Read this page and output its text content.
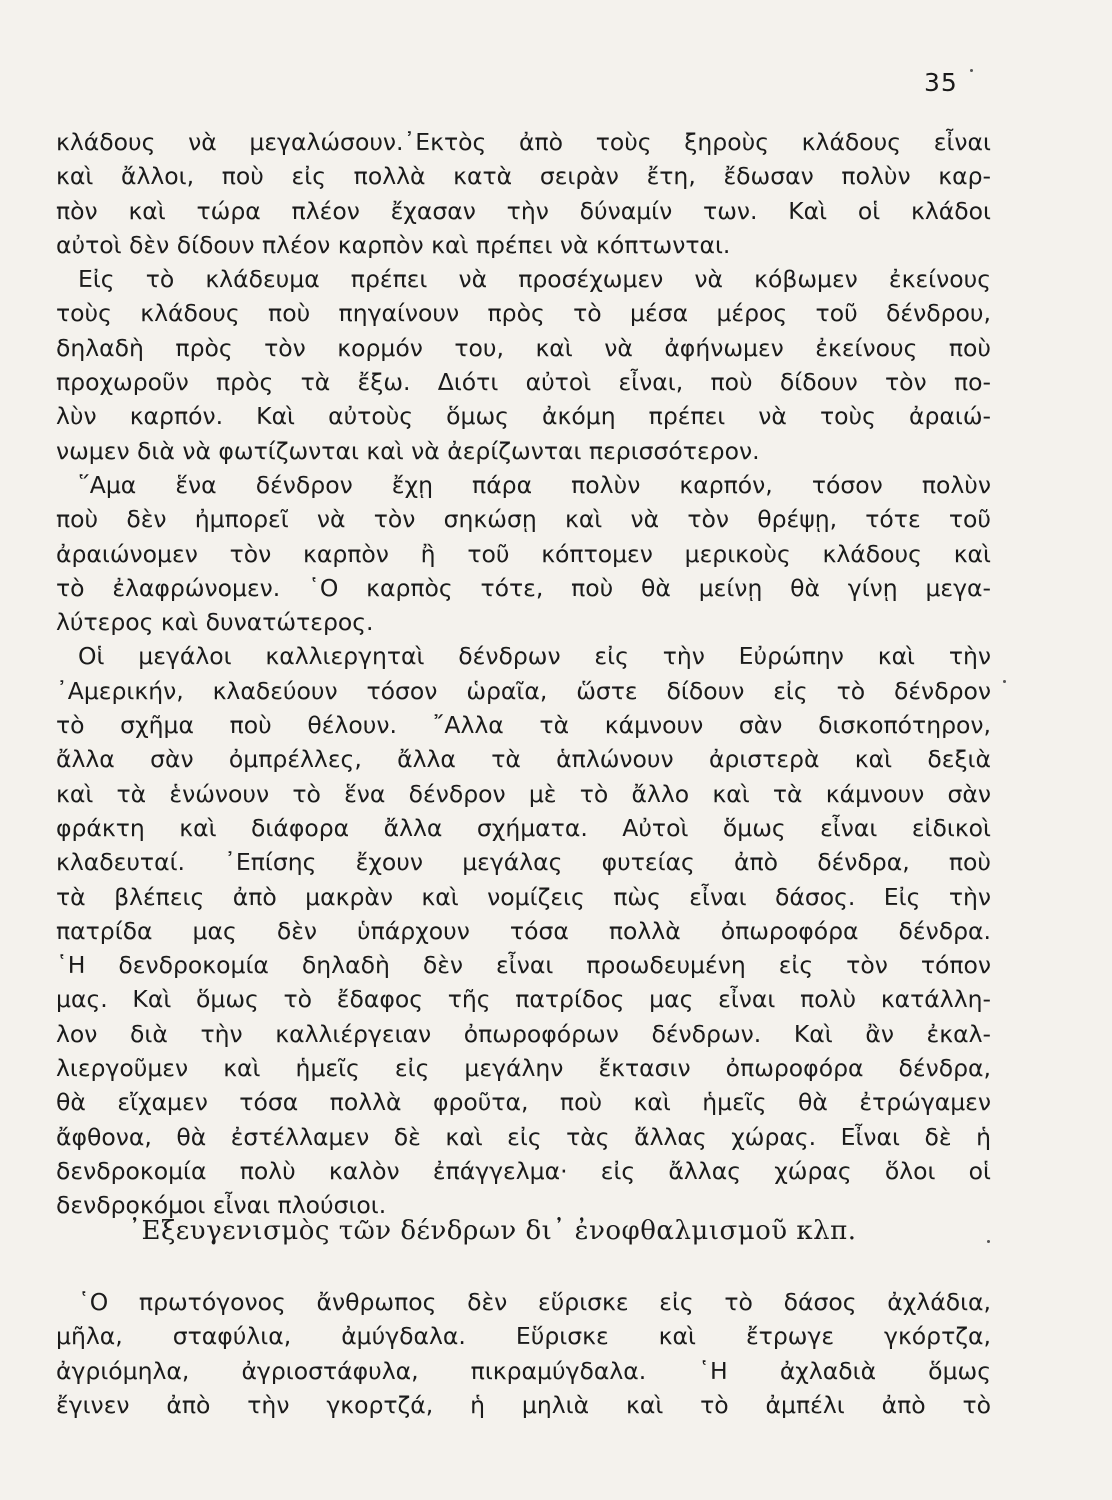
35
κλάδους νὰ μεγαλώσουν.᾿Εκτὸς ἀπὸ τοὺς ξηροὺς κλάδους εἶναι
καὶ ἄλλοι, ποὺ εἰς πολλὰ κατὰ σειρὰν ἔτη, ἔδωσαν πολὺν καρ-
πὸν καὶ τώρα πλέον ἔχασαν τὴν δύναμίν των. Καὶ οἱ κλάδοι
αὐτοὶ δὲν δίδουν πλέον καρπὸν καὶ πρέπει νὰ κόπτωνται.
Εἰς τὸ κλάδευμα πρέπει νὰ προσέχωμεν νὰ κόβωμεν ἐκείνους
τοὺς κλάδους ποὺ πηγαίνουν πρὸς τὸ μέσα μέρος τοῦ δένδρου,
δηλαδὴ πρὸς τὸν κορμόν του, καὶ νὰ ἀφήνωμεν ἐκείνους ποὺ
προχωροῦν πρὸς τὰ ἔξω. Διότι αὐτοὶ εἶναι, ποὺ δίδουν τὸν πο-
λὺν καρπόν. Καὶ αὐτοὺς ὅμως ἀκόμη πρέπει νὰ τοὺς ἀραιώ-
νωμεν διὰ νὰ φωτίζωνται καὶ νὰ ἀερίζωνται περισσότερον.
῞Αμα ἕνα δένδρον ἔχῃ πάρα πολὺν καρπόν, τόσον πολὺν
ποὺ δὲν ἠμπορεῖ νὰ τὸν σηκώσῃ καὶ νὰ τὸν θρέψῃ, τότε τοῦ
ἀραιώνομεν τὸν καρπὸν ἢ τοῦ κόπτομεν μερικοὺς κλάδους καὶ
τὸ ἐλαφρώνομεν. ῾Ο καρπὸς τότε, ποὺ θὰ μείνῃ θὰ γίνῃ μεγα-
λύτερος καὶ δυνατώτερος.
Οἱ μεγάλοι καλλιεργηταὶ δένδρων εἰς τὴν Εὐρώπην καὶ τὴν
᾿Αμερικήν, κλαδεύουν τόσον ὡραῖα, ὥστε δίδουν εἰς τὸ δένδρον
τὸ σχῆμα ποὺ θέλουν. ῎Αλλα τὰ κάμνουν σὰν δισκοπότηρον,
ἄλλα σὰν ὀμπρέλλες, ἄλλα τὰ ἁπλώνουν ἀριστερὰ καὶ δεξιὰ
καὶ τὰ ἑνώνουν τὸ ἕνα δένδρον μὲ τὸ ἄλλο καὶ τὰ κάμνουν σὰν
φράκτη καὶ διάφορα ἄλλα σχήματα. Αὐτοὶ ὅμως εἶναι εἰδικοὶ
κλαδευταί. ᾿Επίσης ἔχουν μεγάλας φυτείας ἀπὸ δένδρα, ποὺ
τὰ βλέπεις ἀπὸ μακρὰν καὶ νομίζεις πὼς εἶναι δάσος. Εἰς τὴν
πατρίδα μας δὲν ὑπάρχουν τόσα πολλὰ ὀπωροφόρα δένδρα.
῾Η δενδροκομία δηλαδὴ δὲν εἶναι προωδευμένη εἰς τὸν τόπον
μας. Καὶ ὅμως τὸ ἔδαφος τῆς πατρίδος μας εἶναι πολὺ κατάλλη-
λον διὰ τὴν καλλιέργειαν ὀπωροφόρων δένδρων. Καὶ ἂν ἐκαλ-
λιεργοῦμεν καὶ ἡμεῖς εἰς μεγάλην ἔκτασιν ὀπωροφόρα δένδρα,
θὰ εἴχαμεν τόσα πολλὰ φροῦτα, ποὺ καὶ ἡμεῖς θὰ ἐτρώγαμεν
ἄφθονα, θὰ ἐστέλλαμεν δὲ καὶ εἰς τὰς ἄλλας χώρας. Εἶναι δὲ ἡ
δενδροκομία πολὺ καλὸν ἐπάγγελμα· εἰς ἄλλας χώρας ὅλοι οἱ
δενδροκόμοι εἶναι πλούσιοι.
᾿Εξευγενισμὸς τῶν δένδρων δι᾿ ἐνοφθαλμισμοῦ κλπ.
῾Ο πρωτόγονος ἄνθρωπος δὲν εὕρισκε εἰς τὸ δάσος ἀχλάδια,
μῆλα, σταφύλια, ἀμύγδαλα. Εὕρισκε καὶ ἔτρωγε γκόρτζα,
ἀγριόμηλα, ἀγριοστάφυλα, πικραμύγδαλα. ῾Η ἀχλαδιὰ ὅμως
ἔγινεν ἀπὸ τὴν γκορτζά, ἡ μηλιὰ καὶ τὸ ἀμπέλι ἀπὸ τὸ
